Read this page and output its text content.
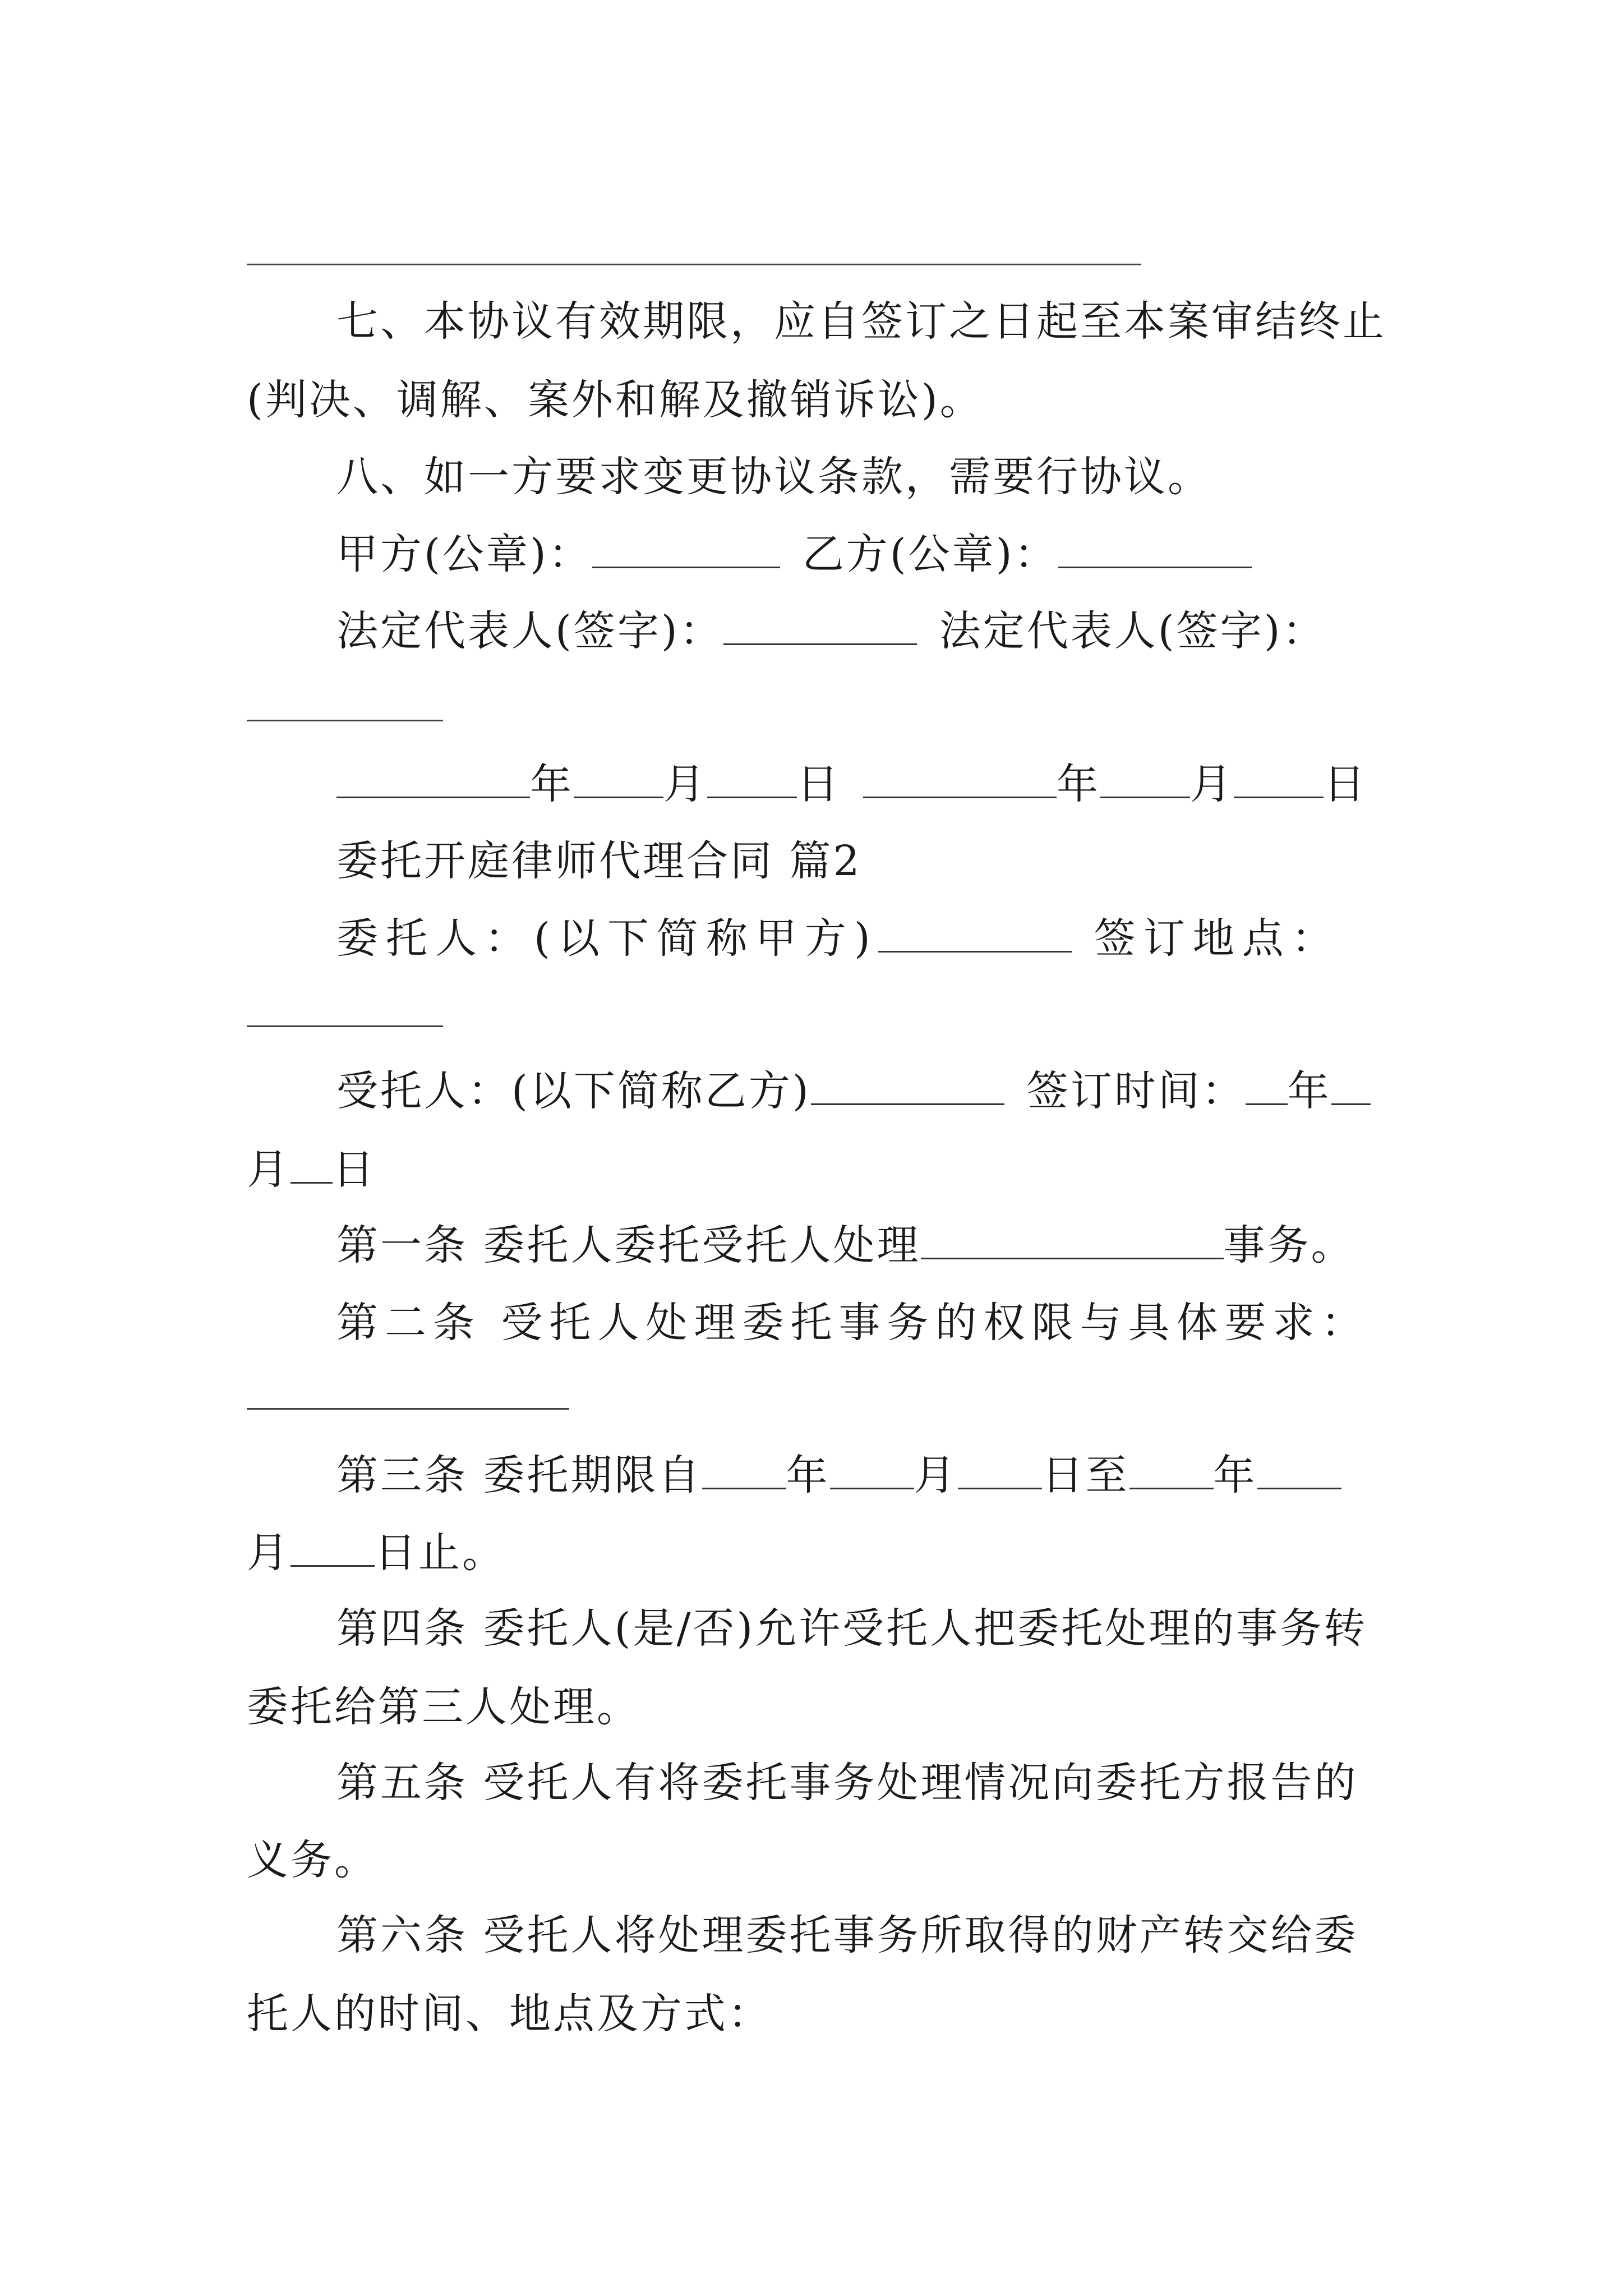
七、本协议有效期限，应自签订之日起至本案审结终止
(判决、调解、案外和解及撤销诉讼)。
八、如一方要求变更协议条款，需要行协议。
甲方(公章)：	乙方(公章)：
法定代表人(签字)：	法定代表人(签字)：
年 月 日	年 月 日
委托开庭律师代理合同 篇2
委托人：(以下简称甲方)	签订地点：
受托人：(以下简称乙方)	签订时间： 年
月 日
第一条 委托人委托受托人处理	事务。
第二条 受托人处理委托事务的权限与具体要求：
第三条 委托期限自 年 月 日至 年
月 日止。
第四条 委托人(是/否)允许受托人把委托处理的事务转
委托给第三人处理。
第五条 受托人有将委托事务处理情况向委托方报告的
义务。
第六条 受托人将处理委托事务所取得的财产转交给委
托人的时间、地点及方式：
